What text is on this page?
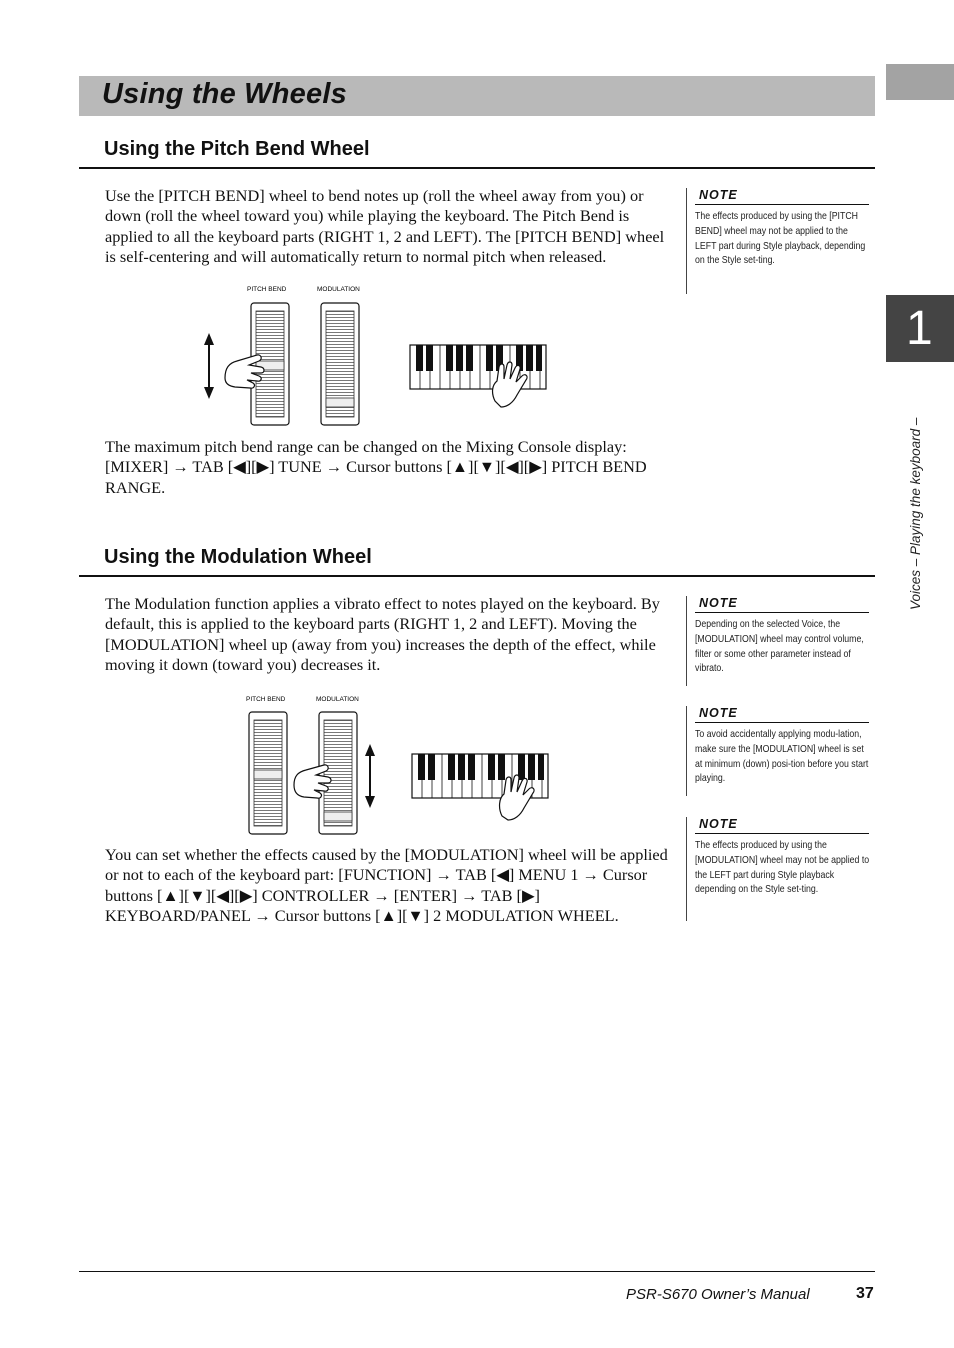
Using the Wheels
1
Voices – Playing the keyboard –
Using the Pitch Bend Wheel
Use the [PITCH BEND] wheel to bend notes up (roll the wheel away from you) or down (roll the wheel toward you) while playing the keyboard. The Pitch Bend is applied to all the keyboard parts (RIGHT 1, 2 and LEFT). The [PITCH BEND] wheel is self-centering and will automatically return to normal pitch when released.
NOTE
The effects produced by using the [PITCH BEND] wheel may not be applied to the LEFT part during Style playback, depending on the Style set-ting.
PITCH BEND	MODULATION
The maximum pitch bend range can be changed on the Mixing Console display: [MIXER] → TAB [◀][▶] TUNE → Cursor buttons [▲][▼][◀][▶] PITCH BEND RANGE.
Using the Modulation Wheel
The Modulation function applies a vibrato effect to notes played on the keyboard. By default, this is applied to the keyboard parts (RIGHT 1, 2 and LEFT). Moving the [MODULATION] wheel up (away from you) increases the depth of the effect, while moving it down (toward you) decreases it.
NOTE
Depending on the selected Voice, the [MODULATION] wheel may control volume, filter or some other parameter instead of vibrato.
NOTE
To avoid accidentally applying modu-lation, make sure the [MODULATION] wheel is set at minimum (down) posi-tion before you start playing.
NOTE
The effects produced by using the [MODULATION] wheel may not be applied to the LEFT part during Style playback depending on the Style set-ting.
PITCH BEND	MODULATION
You can set whether the effects caused by the [MODULATION] wheel will be applied or not to each of the keyboard part: [FUNCTION] → TAB [◀] MENU 1 → Cursor buttons [▲][▼][◀][▶] CONTROLLER → [ENTER] → TAB [▶] KEYBOARD/PANEL → Cursor buttons [▲][▼] 2 MODULATION WHEEL.
PSR-S670 Owner’s Manual	37
